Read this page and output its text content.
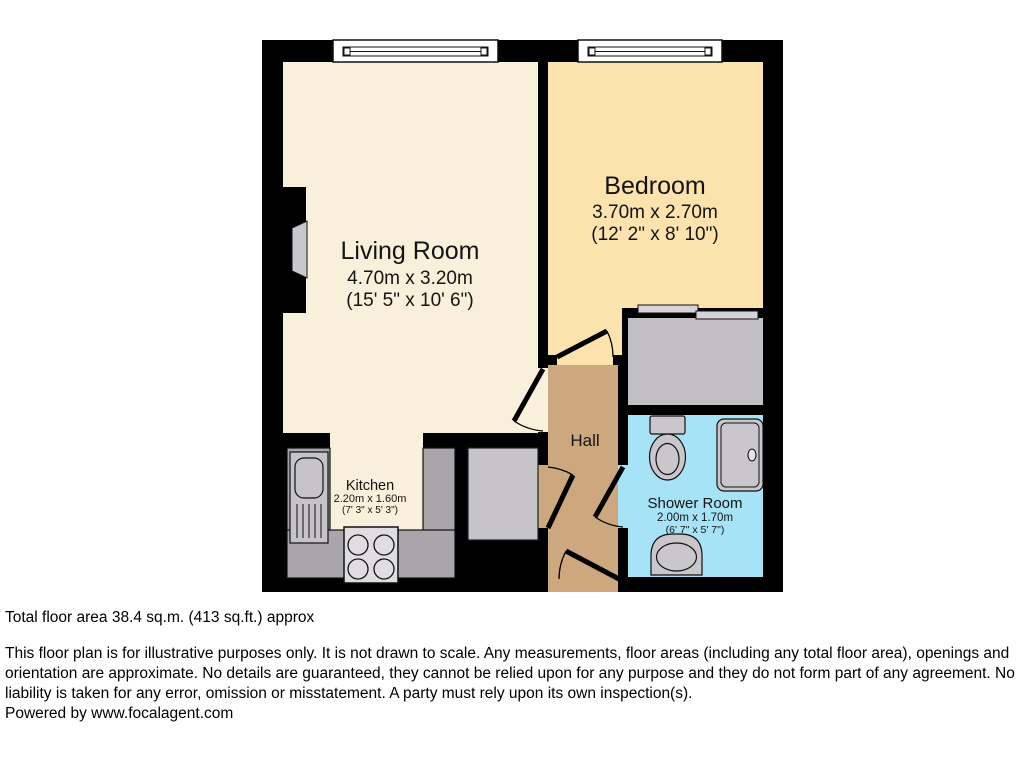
Living Room
4.70m x 3.20m
(15' 5" x 10' 6")
Bedroom
3.70m x 2.70m
(12' 2" x 8' 10")
Kitchen
2.20m x 1.60m
(7' 3" x 5' 3")
Hall
Shower Room
2.00m x 1.70m
(6' 7" x 5' 7")

Total floor area 38.4 sq.m. (413 sq.ft.) approx

This floor plan is for illustrative purposes only. It is not drawn to scale. Any measurements, floor areas (including any total floor area), openings and orientation are approximate. No details are guaranteed, they cannot be relied upon for any purpose and they do not form part of any agreement. No liability is taken for any error, omission or misstatement. A party must rely upon its own inspection(s).

Powered by www.focalagent.com
